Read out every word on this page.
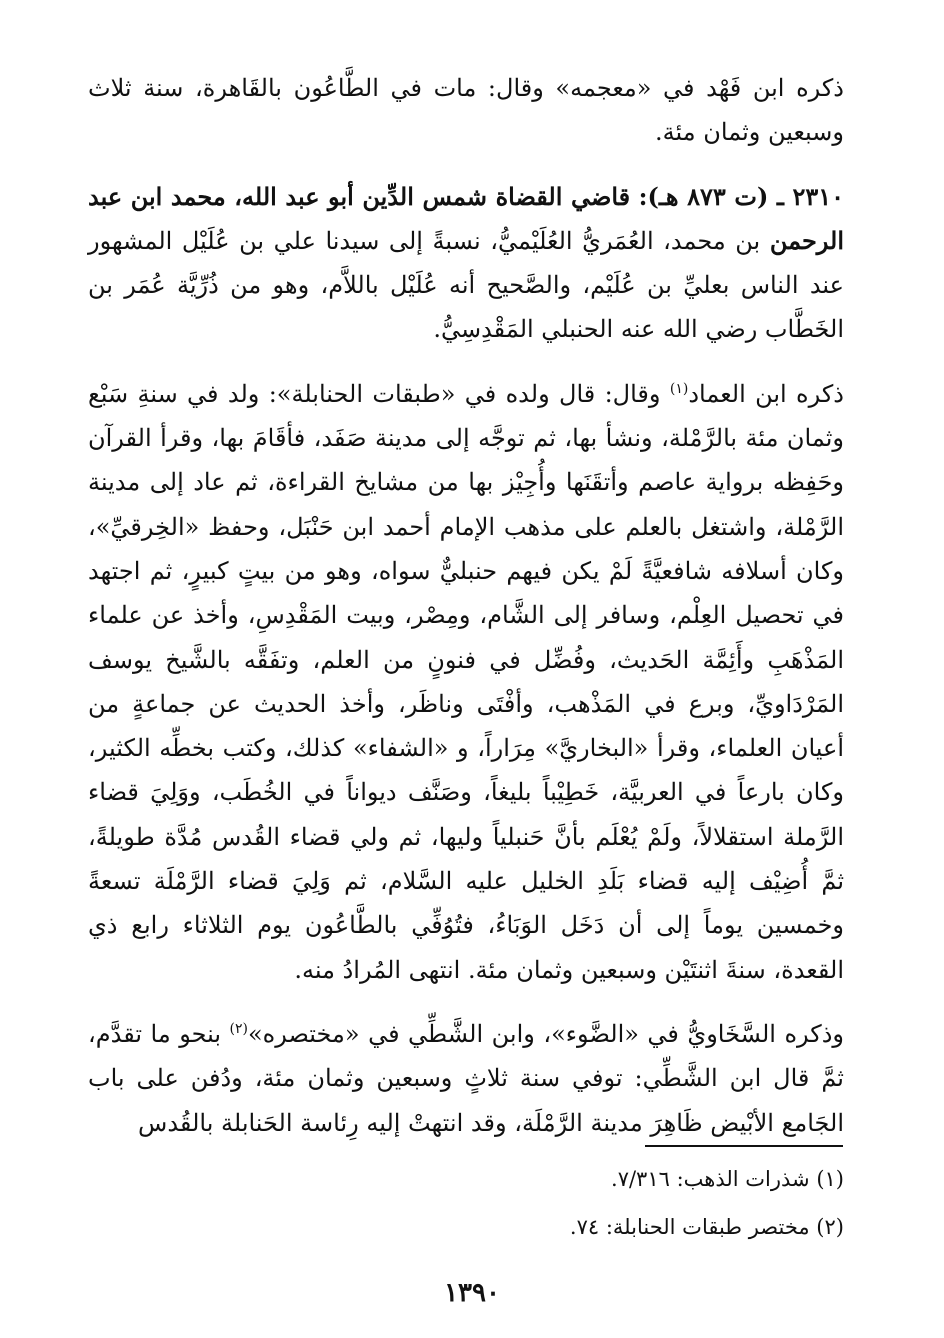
ذكره ابن فَهْد في «معجمه» وقال: مات في الطَّاعُون بالقَاهرة، سنة ثلاث وسبعين وثمان مئة.

٢٣١٠ ـ (ت ٨٧٣ هـ): قاضي القضاة شمس الدِّين أبو عبد الله، محمد ابن عبد الرحمن بن محمد، العُمَريُّ العُلَيْميُّ، نسبةً إلى سيدنا علي بن عُلَيْل المشهور عند الناس بعليِّ بن عُلَيْم، والصَّحيح أنه عُلَيْل باللاَّم، وهو من ذُرِّيَّة عُمَر بن الخَطَّاب رضي الله عنه الحنبلي المَقْدِسِيُّ.

ذكره ابن العماد$^{(١)}$ وقال: قال ولده في «طبقات الحنابلة»: ولد في سنةِ سَبْع وثمان مئة بالرَّمْلة، ونشأ بها، ثم توجَّه إلى مدينة صَفَد، فأقَامَ بها، وقرأ القرآن وحَفِظه برواية عاصم وأتقَنَها وأُجِيْز بها من مشايخ القراءة، ثم عاد إلى مدينة الرَّمْلة، واشتغل بالعلم على مذهب الإمام أحمد ابن حَنْبَل، وحفظ «الخِرقيِّ»، وكان أسلافه شافعيَّةً لَمْ يكن فيهم حنبليٌّ سواه، وهو من بيتٍ كبيرٍ، ثم اجتهد في تحصيل العِلْم، وسافر إلى الشَّام، ومِصْر، وبيت المَقْدِسِ، وأخذ عن علماء المَذْهَبِ وأَئِمَّة الحَديث، وفُضِّل في فنونٍ من العلم، وتفَقَّه بالشَّيخ يوسف المَرْدَاويِّ، وبرع في المَذْهب، وأفْتَى وناظَر، وأخذ الحديث عن جماعةٍ من أعيان العلماء، وقرأ «البخاريَّ» مِرَاراً، و «الشفاء» كذلك، وكتب بخطِّه الكثير، وكان بارعاً في العربيَّة، خَطِيْباً بليغاً، وصَنَّف ديواناً في الخُطَب، ووَلِيَ قضاء الرَّملة استقلالاً، ولَمْ يُعْلَم بأنَّ حَنبلياً وليها، ثم ولي قضاء القُدس مُدَّة طويلةً، ثمَّ أُضِيْف إليه قضاء بَلَدِ الخليل عليه السَّلام، ثم وَلِيَ قضاء الرَّمْلَة تسعةً وخمسين يوماً إلى أن دَخَل الوَبَاءُ، فتُوُفِّي بالطَّاعُون يوم الثلاثاء رابع ذي القعدة، سنةَ اثنتَيْن وسبعين وثمان مئة. انتهى المُرادُ منه.

وذكره السَّخَاويُّ في «الضَّوء»، وابن الشَّطِّي في «مختصره»$^{(٢)}$ بنحو ما تقدَّم، ثمَّ قال ابن الشَّطِّي: توفي سنة ثلاثٍ وسبعين وثمان مئة، ودُفن على باب الجَامع الأبْيض ظَاهِرَ مدينة الرَّمْلَة، وقد انتهتْ إليه رِئاسة الحَنابلة بالقُدس

(١) شذرات الذهب: ٧/٣١٦.

(٢) مختصر طبقات الحنابلة: ٧٤.

١٣٩٠
